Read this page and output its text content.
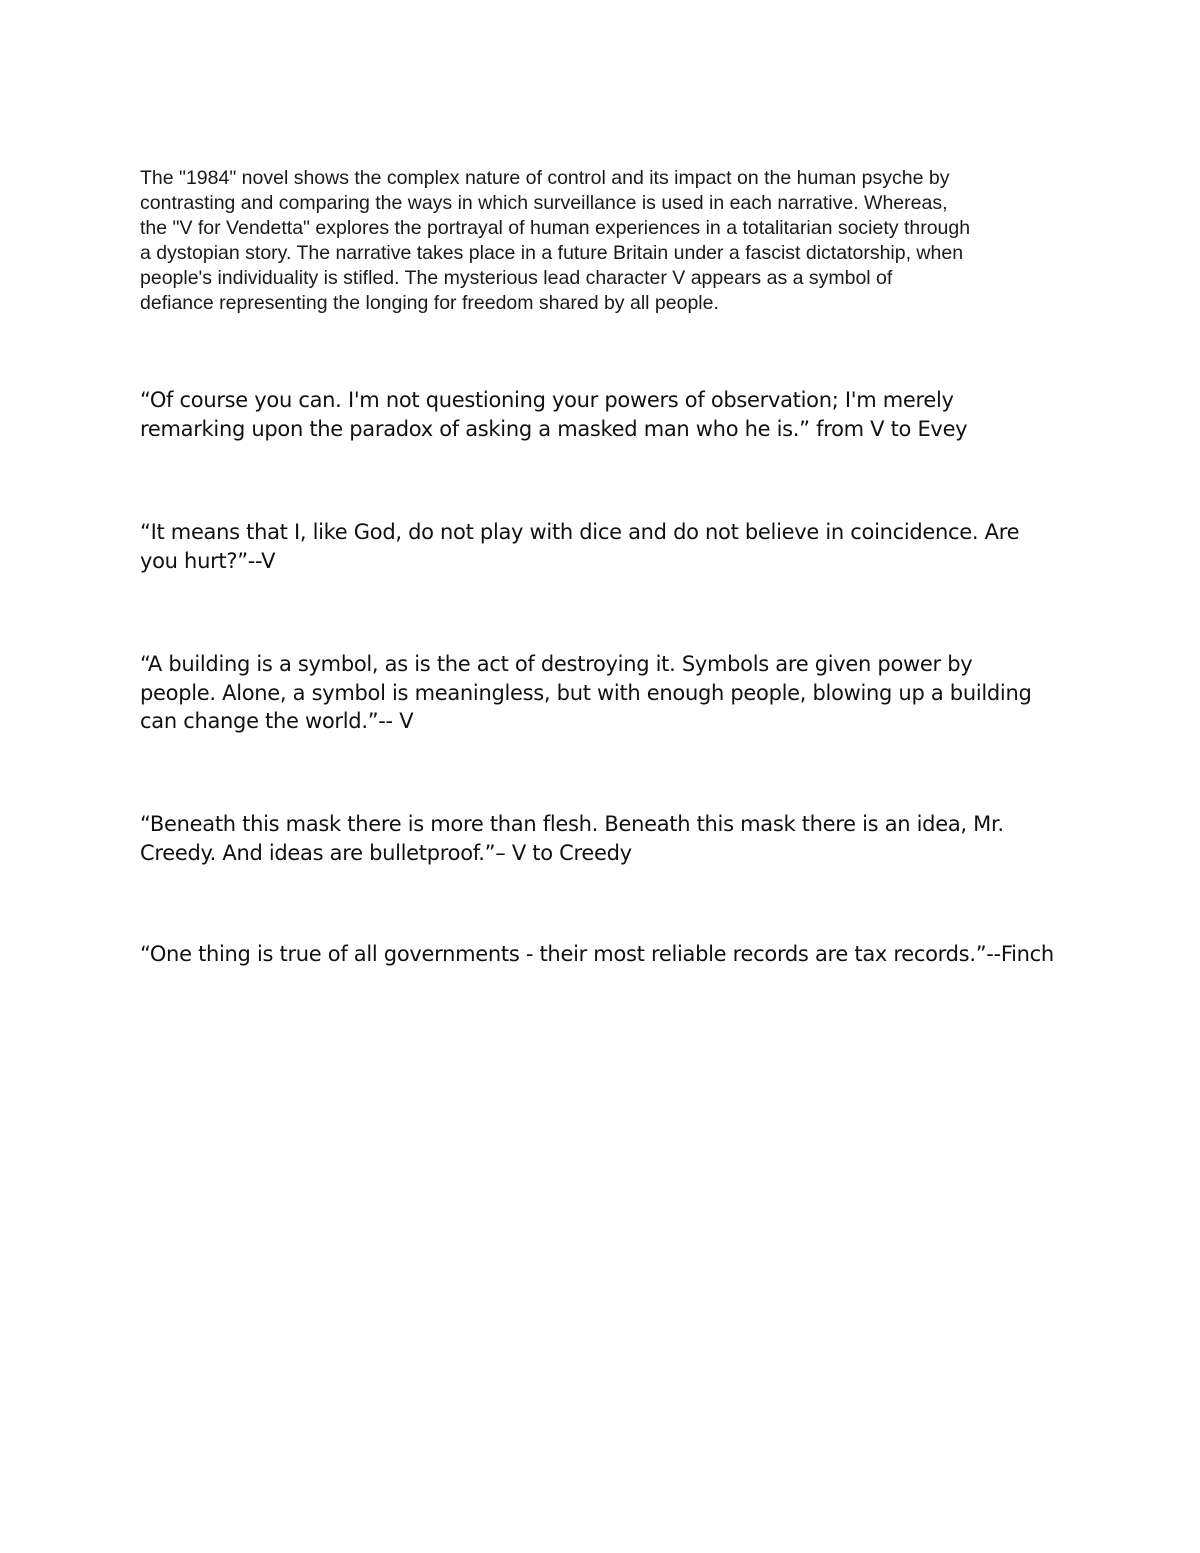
The "1984" novel shows the complex nature of control and its impact on the human psyche by
contrasting and comparing the ways in which surveillance is used in each narrative. Whereas,
the "V for Vendetta" explores the portrayal of human experiences in a totalitarian society through
a dystopian story. The narrative takes place in a future Britain under a fascist dictatorship, when
people's individuality is stifled. The mysterious lead character V appears as a symbol of
defiance representing the longing for freedom shared by all people.

“Of course you can. I'm not questioning your powers of observation; I'm merely
remarking upon the paradox of asking a masked man who he is.” from V to Evey

“It means that I, like God, do not play with dice and do not believe in coincidence. Are
you hurt?”--V

“A building is a symbol, as is the act of destroying it. Symbols are given power by
people. Alone, a symbol is meaningless, but with enough people, blowing up a building
can change the world.”-- V

“Beneath this mask there is more than flesh. Beneath this mask there is an idea, Mr.
Creedy. And ideas are bulletproof.”– V to Creedy

“One thing is true of all governments - their most reliable records are tax records.”--Finch
